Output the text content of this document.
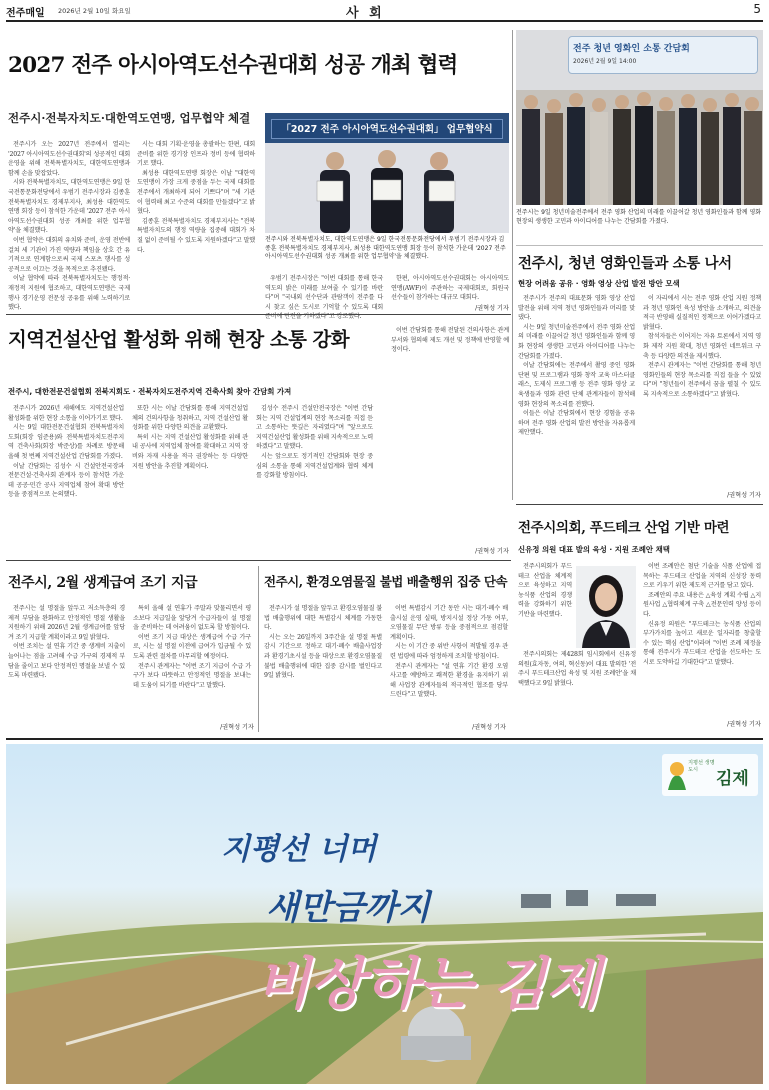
전주매일 2026년 2월 10일 화요일	사 회	5
2027 전주 아시아역도선수권대회 성공 개최 협력
전주시·전북자치도·대한역도연맹, 업무협약 체결

전주시가 오는 2027년 전주에서 열리는 '2027 아시아역도선수권대회'의 성공적인 대회 운영을 위해 전북특별자치도, 대한역도연맹과 함께 손을 맞잡았다.

시와 전북특별자치도, 대한역도연맹은 9일 한국전통문화전당에서 우범기 전주시장과 김종훈 전북특별자치도 경제부지사, 최성용 대한역도연맹 회장 등이 참석한 가운데 '2027 전주 아시아역도선수권대회 성공 개최를 위한 업무협약'을 체결했다.

이번 협약은 대회의 유치와 준비, 운영 전반에 걸쳐 세 기관이 가진 역량과 책임을 상호 간 유기적으로 연계함으로써 국제 스포츠 행사를 성공적으로 이끄는 것을 목적으로 추진됐다.

이날 협약에 따라 전북특별자치도는 행정적·재정적 지원에 협조하고, 대한역도연맹은 국제행사 경기운영 전문성 공유를 위해 노력하기로 했다.

시는 대회 기획·운영을 총괄하는 한편, 대회 준비를 위한 경기장 인프라 정비 등에 협력하기로 했다.

최성용 대한역도연맹 회장은 이날 "대한역도연맹이 가장 크게 중점을 두는 국제 대회를 전주에서 개최하게 되어 기쁘다"며 "세 기관이 협력해 최고 수준의 대회를 만들겠다"고 밝혔다.

김종훈 전북특별자치도 경제부지사는 "전북특별자치도의 행정 역량을 집중해 대회가 차질 없이 준비될 수 있도록 지원하겠다"고 말했다.

「2027 전주 아시아역도선수권대회」 업무협약식
전주시와 전북특별자치도, 대한역도연맹은 9일 한국전통문화전당에서 우범기 전주시장과 김종훈 전북특별자치도 경제부지사, 최성용 대한역도연맹 회장 등이 참석한 가운데 '2027 전주 아시아역도선수권대회 성공 개최를 위한 업무협약'을 체결했다.

우범기 전주시장은 "이번 대회를 통해 한국 역도의 밝은 미래를 보여줄 수 있기를 바란다"며 "국내외 선수단과 관람객이 전주를 다시 찾고 싶은 도시로 기억할 수 있도록 대회 준비에 만전을 기하겠다"고 강조했다.

한편, 아시아역도선수권대회는 아시아역도연맹(AWF)이 주관하는 국제대회로, 회원국 선수들이 참가하는 대규모 대회다.

/권혁성 기자
전주 청년 영화인 소통 간담회
2026년 2월 9일 14:00
전주시는 9일 청년미술전주에서 전주 영화 산업의 미래를 이끌어갈 청년 영화인들과 함께 영화 현장의 생생한 고민과 아이디어를 나누는 간담회를 가졌다.
전주시, 청년 영화인들과 소통 나서
현장 어려움 공유 · 영화 영상 산업 발전 방안 모색

전주시가 전주의 대표문화 영화 영상 산업 발전을 위해 지역 청년 영화인들과 머리를 맞댔다.

시는 9일 청년미술전주에서 전주 영화 산업의 미래를 이끌어갈 청년 영화인들과 함께 영화 현장의 생생한 고민과 아이디어를 나누는 간담회를 가졌다.

이날 간담회에는 전주에서 촬영 중인 영화 단편 및 프로그램과 영화 창작 교육 마스터클래스, 도제식 프로그램 등 전주 영화 영상 교육생들과 영화 관련 단체 관계자들이 참석해 영화 현장의 목소리를 전했다.

이들은 이날 간담회에서 현장 경험을 공유하며 전주 영화 산업의 발전 방안을 자유롭게 제안했다.

이 자리에서 시는 전주 영화 산업 지원 정책과 청년 영화인 육성 방안을 소개하고, 의견을 적극 반영해 실질적인 정책으로 이어가겠다고 밝혔다.

참석자들은 이어지는 자유 토론에서 지역 영화 제작 지원 확대, 청년 영화인 네트워크 구축 등 다양한 의견을 제시했다.

전주시 관계자는 "이번 간담회를 통해 청년 영화인들의 현장 목소리를 직접 들을 수 있었다"며 "청년들이 전주에서 꿈을 펼칠 수 있도록 지속적으로 소통하겠다"고 밝혔다.

/권혁성 기자
지역건설산업 활성화 위해 현장 소통 강화
전주시, 대한전문건설협회 전북지회도 · 전북자치도전주지역 건축사회 찾아 간담회 가져

전주시가 2026년 새해에도 지역건설산업 활성화를 위한 현장 소통을 이어가기로 했다.

시는 9일 대한전문건설협회 전북특별자치도회(회장 임준용)와 전북특별자치도전주지역 건축사회(회장 박준상)를 차례로 방문해 올해 첫 번째 지역건설산업 간담회를 가졌다.

이날 간담회는 김성수 시 건설안전국장과 전문건설·건축사회 관계자 등이 참석한 가운데 공공·민간 공사 지역업체 참여 확대 방안 등을 중점적으로 논의했다.

또한 시는 이날 간담회를 통해 지역건설업체의 건의사항을 청취하고, 지역 건설산업 활성화를 위한 다양한 의견을 교환했다.

특히 시는 지역 건설산업 활성화를 위해 관내 공사에 지역업체 참여를 확대하고 지역 장비와 자재 사용을 적극 권장하는 등 다양한 지원 방안을 추진할 계획이다.

김성수 전주시 건설안전국장은 "이번 간담회는 지역 건설업계의 현장 목소리를 직접 듣고 소통하는 뜻깊은 자리였다"며 "앞으로도 지역건설산업 활성화를 위해 지속적으로 노력하겠다"고 말했다.

시는 앞으로도 정기적인 간담회와 현장 중심의 소통을 통해 지역건설업계와 협력 체계를 강화할 방침이다.

이번 간담회를 통해 전달된 건의사항은 관계 부서와 협의해 제도 개선 및 정책에 반영할 예정이다.

/권혁성 기자
전주시의회, 푸드테크 산업 기반 마련
신유정 의원 대표 발의 육성 · 지원 조례안 채택

전주시의회가 푸드테크 산업을 체계적으로 육성하고 지역 농식품 산업의 경쟁력을 강화하기 위한 기반을 마련했다.

전주시의회는 제428회 임시회에서 신유정 의원(효자동, 여의, 혁신동)이 대표 발의한 '전주시 푸드테크산업 육성 및 지원 조례안'을 채택했다고 9일 밝혔다.

이번 조례안은 첨단 기술을 식품 산업에 접목하는 푸드테크 산업을 지역의 신성장 동력으로 키우기 위한 제도적 근거를 담고 있다.

조례안의 주요 내용은 △육성 계획 수립 △지원사업 △협력체계 구축 △전문인력 양성 등이다.

신유정 의원은 "푸드테크는 농식품 산업의 부가가치를 높이고 새로운 일자리를 창출할 수 있는 핵심 산업"이라며 "이번 조례 제정을 통해 전주시가 푸드테크 산업을 선도하는 도시로 도약하길 기대한다"고 말했다.

/권혁성 기자
전주시, 2월 생계급여 조기 지급

전주시는 설 명절을 앞두고 저소득층의 경제적 부담을 완화하고 안정적인 명절 생활을 지원하기 위해 2026년 2월 생계급여를 앞당겨 조기 지급할 계획이라고 9일 밝혔다.

이번 조치는 설 연휴 기간 중 생계비 지출이 늘어나는 점을 고려해 수급 가구의 경제적 부담을 줄이고 보다 안정적인 명절을 보낼 수 있도록 마련됐다.

특히 올해 설 연휴가 주말과 맞물리면서 평소보다 지급일을 앞당겨 수급자들이 설 명절을 준비하는 데 어려움이 없도록 할 방침이다.

이번 조기 지급 대상은 생계급여 수급 가구로, 시는 설 명절 이전에 급여가 입금될 수 있도록 관련 절차를 마무리할 예정이다.

전주시 관계자는 "이번 조기 지급이 수급 가구가 보다 따뜻하고 안정적인 명절을 보내는 데 도움이 되기를 바란다"고 말했다.

/권혁성 기자
전주시, 환경오염물질 불법 배출행위 집중 단속

전주시가 설 명절을 앞두고 환경오염물질 불법 배출행위에 대한 특별감시 체계를 가동한다.

시는 오는 26일까지 3주간을 설 명절 특별 감시 기간으로 정하고 대기·폐수 배출사업장과 환경기초시설 등을 대상으로 환경오염물질 불법 배출행위에 대한 집중 감시를 벌인다고 9일 밝혔다.

이번 특별감시 기간 동안 시는 대기·폐수 배출시설 운영 실태, 방지시설 정상 가동 여부, 오염물질 무단 방류 등을 중점적으로 점검할 계획이다.

시는 이 기간 중 위반 사항이 적발될 경우 관련 법령에 따라 엄정하게 조치할 방침이다.

전주시 관계자는 "설 연휴 기간 환경 오염 사고를 예방하고 쾌적한 환경을 유지하기 위해 사업장 관계자들의 적극적인 협조를 당부드린다"고 말했다.

/권혁성 기자
지평선 너머
새만금까지
비상하는 김제
지평선 생명도시	김제
